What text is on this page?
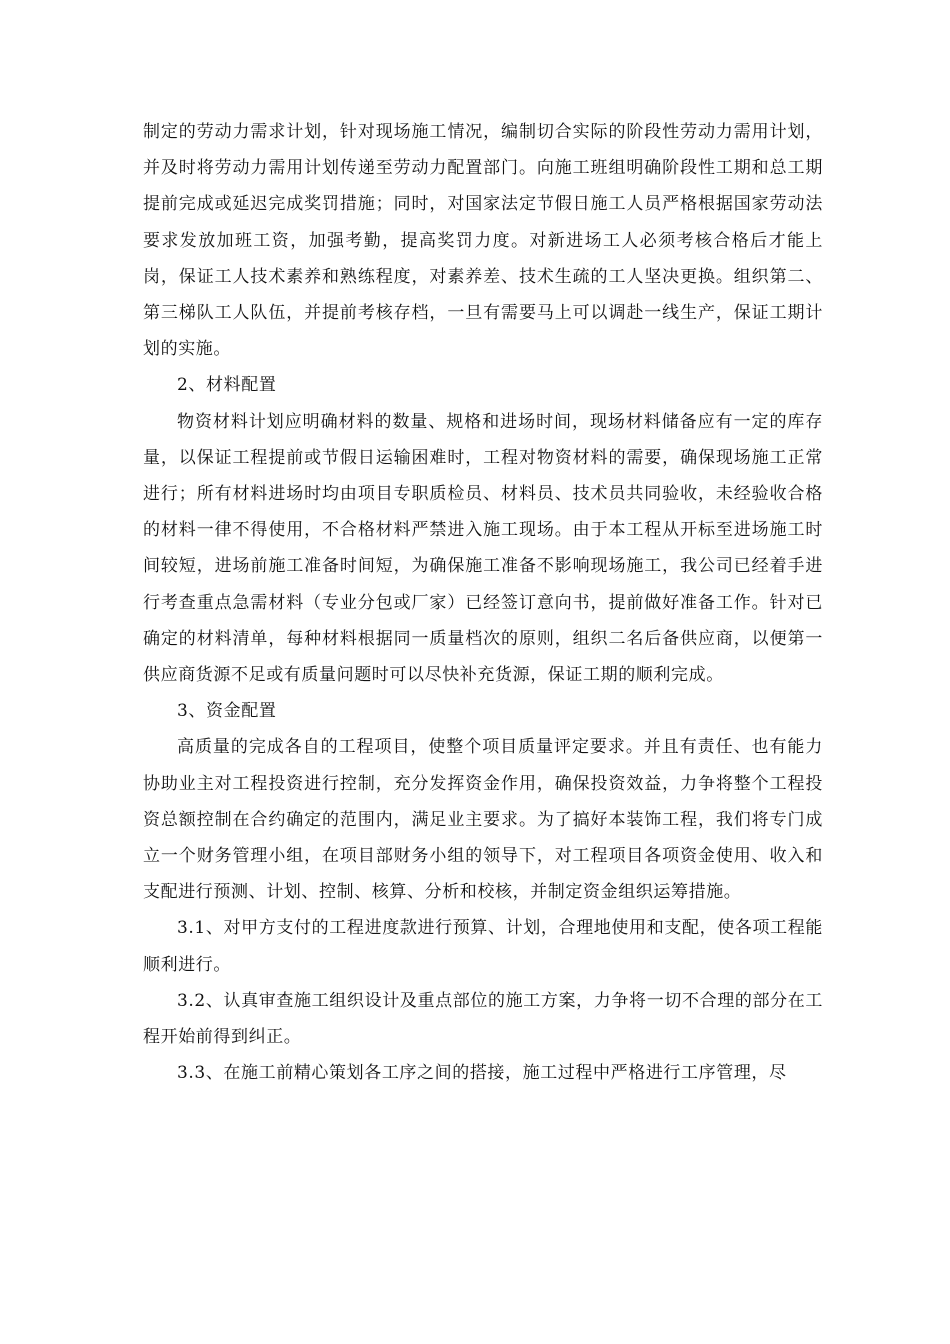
制定的劳动力需求计划，针对现场施工情况，编制切合实际的阶段性劳动力需用计划，并及时将劳动力需用计划传递至劳动力配置部门。向施工班组明确阶段性工期和总工期提前完成或延迟完成奖罚措施；同时，对国家法定节假日施工人员严格根据国家劳动法要求发放加班工资，加强考勤，提高奖罚力度。对新进场工人必须考核合格后才能上岗，保证工人技术素养和熟练程度，对素养差、技术生疏的工人坚决更换。组织第二、第三梯队工人队伍，并提前考核存档，一旦有需要马上可以调赴一线生产，保证工期计划的实施。

2、材料配置

物资材料计划应明确材料的数量、规格和进场时间，现场材料储备应有一定的库存量，以保证工程提前或节假日运输困难时，工程对物资材料的需要，确保现场施工正常进行；所有材料进场时均由项目专职质检员、材料员、技术员共同验收，未经验收合格的材料一律不得使用，不合格材料严禁进入施工现场。由于本工程从开标至进场施工时间较短，进场前施工准备时间短，为确保施工准备不影响现场施工，我公司已经着手进行考查重点急需材料（专业分包或厂家）已经签订意向书，提前做好准备工作。针对已确定的材料清单，每种材料根据同一质量档次的原则，组织二名后备供应商，以便第一供应商货源不足或有质量问题时可以尽快补充货源，保证工期的顺利完成。

3、资金配置

高质量的完成各自的工程项目，使整个项目质量评定要求。并且有责任、也有能力协助业主对工程投资进行控制，充分发挥资金作用，确保投资效益，力争将整个工程投资总额控制在合约确定的范围内，满足业主要求。为了搞好本装饰工程，我们将专门成立一个财务管理小组，在项目部财务小组的领导下，对工程项目各项资金使用、收入和支配进行预测、计划、控制、核算、分析和校核，并制定资金组织运筹措施。

3.1、对甲方支付的工程进度款进行预算、计划，合理地使用和支配，使各项工程能顺利进行。

3.2、认真审查施工组织设计及重点部位的施工方案，力争将一切不合理的部分在工程开始前得到纠正。

3.3、在施工前精心策划各工序之间的搭接，施工过程中严格进行工序管理，尽
